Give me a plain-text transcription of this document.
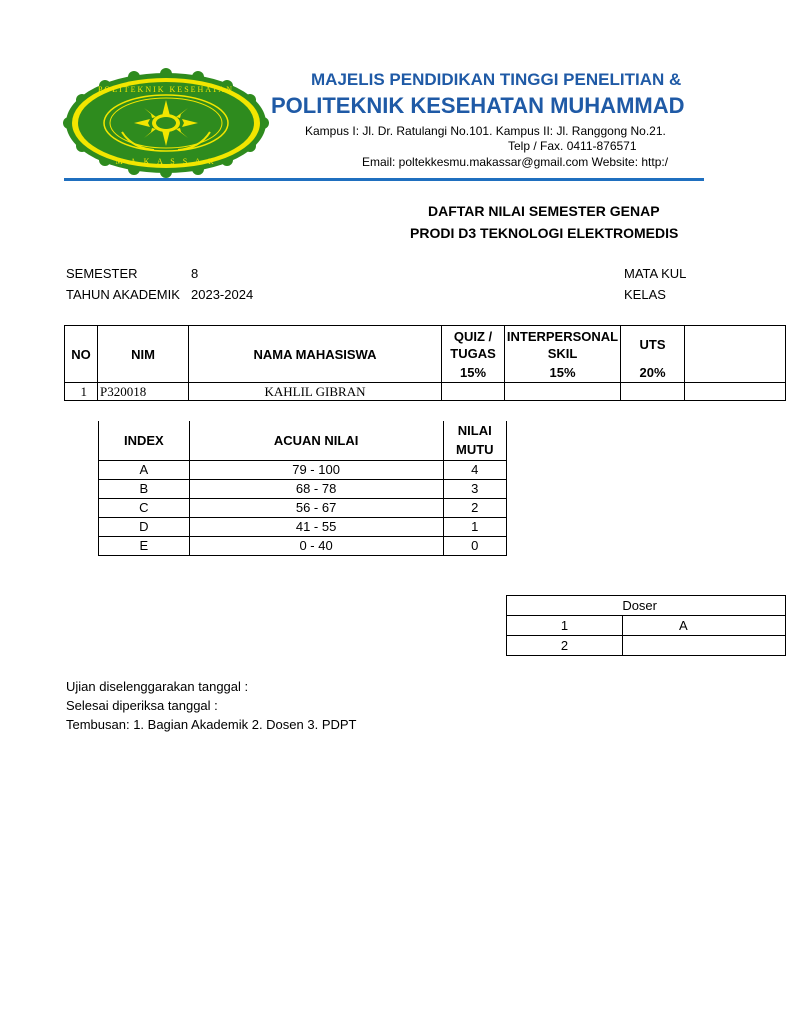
POLITEKNIK KESEHATAN
M A K A S S A R
MAJELIS PENDIDIKAN TINGGI PENELITIAN &
POLITEKNIK KESEHATAN MUHAMMAD
Kampus I: Jl. Dr. Ratulangi No.101. Kampus II: Jl. Ranggong No.21.
Telp / Fax. 0411-876571
Email: poltekkesmu.makassar@gmail.com Website: http:/
DAFTAR NILAI SEMESTER GENAP
PRODI D3 TEKNOLOGI ELEKTROMEDIS
SEMESTER	8
TAHUN AKADEMIK 2023-2024
MATA KUL
KELAS
NO	NIM	NAMA MAHASISWA	QUIZ / TUGAS	INTERPERSONAL SKIL	UTS	
			15%	15%	20%	
1	P320018	KAHLIL GIBRAN				
INDEX	ACUAN NILAI	NILAI MUTU
A	79 - 100	4
B	68 - 78	3
C	56 - 67	2
D	41 - 55	1
E	0 - 40	0
Doser	
1	A
2	
Ujian diselenggarakan tanggal :
Selesai diperiksa tanggal :
Tembusan: 1. Bagian Akademik 2. Dosen 3. PDPT
